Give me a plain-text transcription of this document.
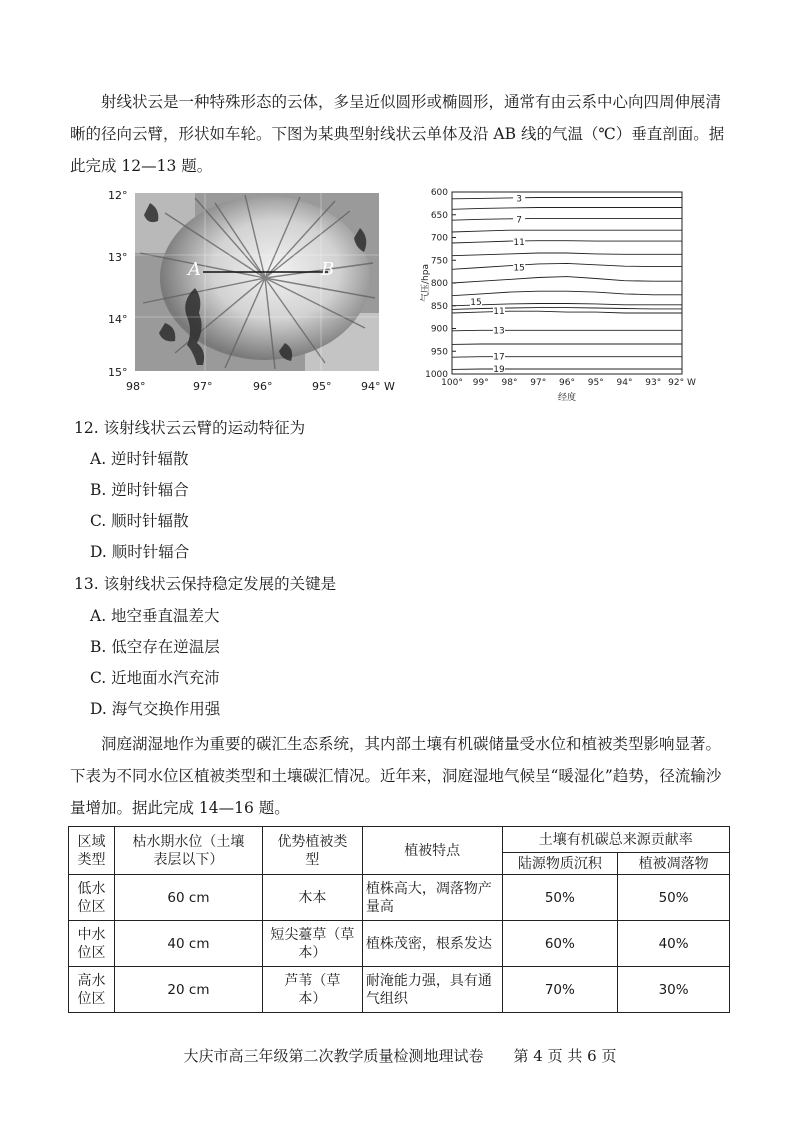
射线状云是一种特殊形态的云体，多呈近似圆形或椭圆形，通常有由云系中心向四周伸展清晰的径向云臂，形状如车轮。下图为某典型射线状云单体及沿 AB 线的气温（℃）垂直剖面。据此完成 12—13 题。

12°
13°
14°
15°
A	B
98°	97°	96°	95°	94° W
600
650
700
750
800
850
900
950
1000
100° 99° 98° 97° 96° 95° 94° 93° 92° W
3
7
11
15
15
11
13
17
19
气压/hpa
经度
12. 该射线状云云臂的运动特征为
A. 逆时针辐散
B. 逆时针辐合
C. 顺时针辐散
D. 顺时针辐合
13. 该射线状云保持稳定发展的关键是
A. 地空垂直温差大
B. 低空存在逆温层
C. 近地面水汽充沛
D. 海气交换作用强

洞庭湖湿地作为重要的碳汇生态系统，其内部土壤有机碳储量受水位和植被类型影响显著。下表为不同水位区植被类型和土壤碳汇情况。近年来，洞庭湿地气候呈“暖湿化”趋势，径流输沙量增加。据此完成 14—16 题。

区域类型	枯水期水位（土壤表层以下）	优势植被类型	植被特点	土壤有机碳总来源贡献率	
				陆源物质沉积	植被凋落物

低水位区	60 cm	木本	植株高大，凋落物产量高	50%	50%

中水位区	40 cm	短尖薹草（草本）	植株茂密，根系发达	60%	40%

高水位区	20 cm	芦苇（草本）	耐淹能力强，具有通气组织	70%	30%
大庆市高三年级第二次教学质量检测地理试卷　　第 4 页 共 6 页
